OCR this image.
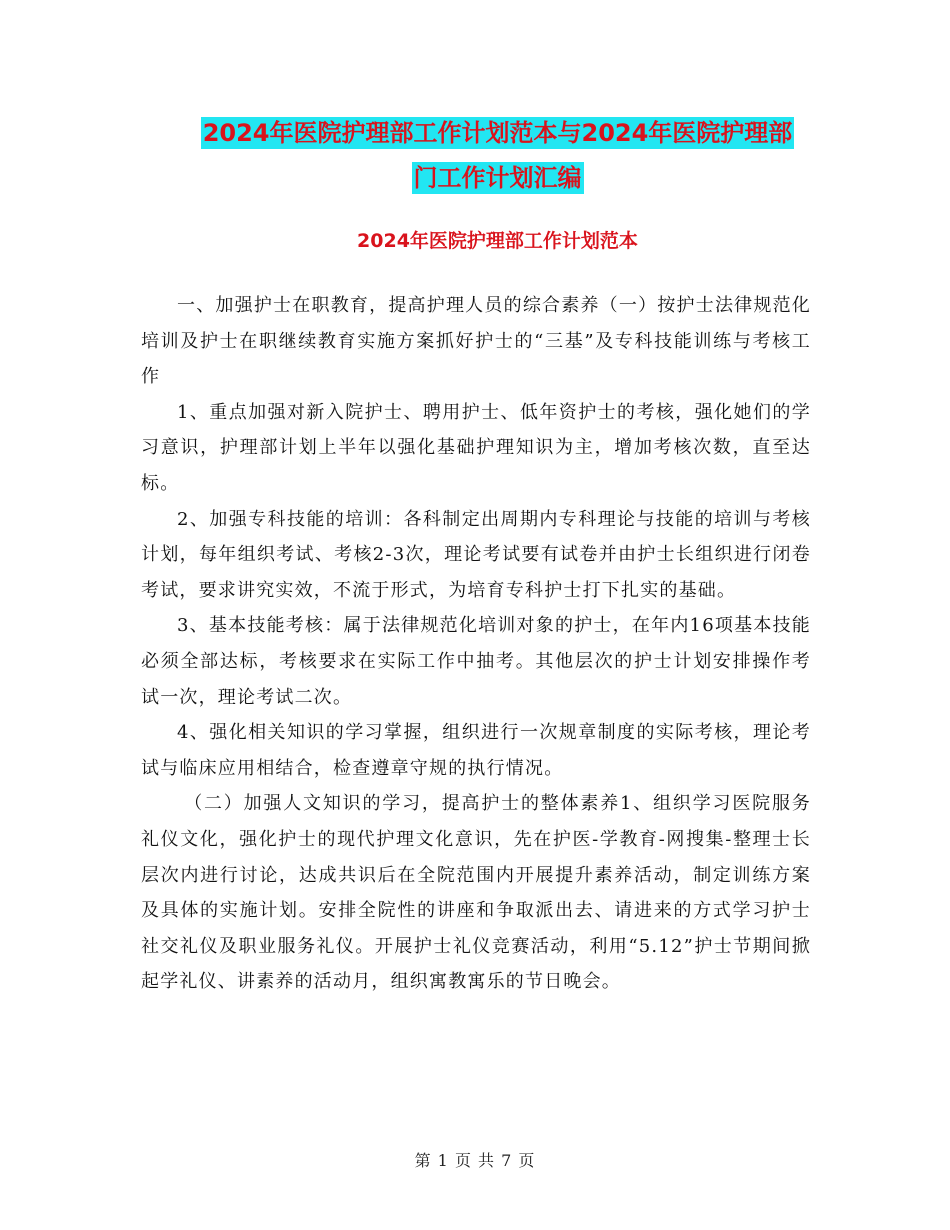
2024年医院护理部工作计划范本与2024年医院护理部
门工作计划汇编
2024年医院护理部工作计划范本

一、加强护士在职教育，提高护理人员的综合素养（一）按护士法律规范化培训及护士在职继续教育实施方案抓好护士的“三基”及专科技能训练与考核工作

1、重点加强对新入院护士、聘用护士、低年资护士的考核，强化她们的学习意识，护理部计划上半年以强化基础护理知识为主，增加考核次数，直至达标。

2、加强专科技能的培训：各科制定出周期内专科理论与技能的培训与考核计划，每年组织考试、考核2-3次，理论考试要有试卷并由护士长组织进行闭卷考试，要求讲究实效，不流于形式，为培育专科护士打下扎实的基础。

3、基本技能考核：属于法律规范化培训对象的护士，在年内16项基本技能必须全部达标，考核要求在实际工作中抽考。其他层次的护士计划安排操作考试一次，理论考试二次。

4、强化相关知识的学习掌握，组织进行一次规章制度的实际考核，理论考试与临床应用相结合，检查遵章守规的执行情况。

（二）加强人文知识的学习，提高护士的整体素养1、组织学习医院服务礼仪文化，强化护士的现代护理文化意识，先在护医-学教育-网搜集-整理士长层次内进行讨论，达成共识后在全院范围内开展提升素养活动，制定训练方案及具体的实施计划。安排全院性的讲座和争取派出去、请进来的方式学习护士社交礼仪及职业服务礼仪。开展护士礼仪竞赛活动，利用“5.12”护士节期间掀起学礼仪、讲素养的活动月，组织寓教寓乐的节日晚会。

第 1 页 共 7 页
